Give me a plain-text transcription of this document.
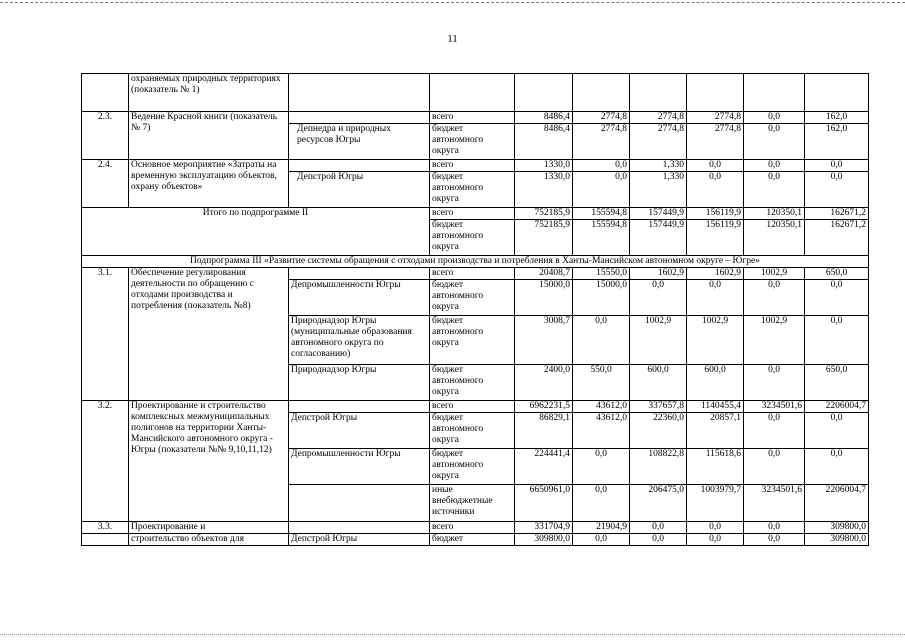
11
	охраняемых природных территориях (показатель № 1)								
2.3.	Ведение Красной книги (показатель № 7)		всего	8486,4	2774,8	2774,8	2774,8	0,0	162,0
		Депнедра и природных ресурсов Югры	бюджет автономного округа	8486,4	2774,8	2774,8	2774,8	0,0	162,0
2.4.	Основное мероприятие «Затраты на временную эксплуатацию объектов, охрану объектов»		всего	1330,0	0,0	1,330	0,0	0,0	0,0
		Депстрой Югры	бюджет автономного округа	1330,0	0,0	1,330	0,0	0,0	0,0
Итого по подпрограмме II			всего	752185,9	155594,8	157449,9	156119,9	120350,1	162671,2
			бюджет автономного округа	752185,9	155594,8	157449,9	156119,9	120350,1	162671,2
Подпрограмма III «Развитие системы обращения с отходами производства и потребления в Ханты-Мансийском автономном округе – Югре»									
3.1.	Обеспечение регулирования деятельности по обращению с отходами производства и потребления (показатель №8)		всего	20408,7	15550,0	1602,9	1602,9	1002,9	650,0
		Депромышленности Югры	бюджет автономного округа	15000,0	15000,0	0,0	0,0	0,0	0,0
		Природнадзор Югры (муниципальные образования автономного округа по согласованию)	бюджет автономного округа	3008,7	0,0	1002,9	1002,9	1002,9	0,0
		Природнадзор Югры	бюджет автономного округа	2400,0	550,0	600,0	600,0	0,0	650,0
3.2.	Проектирование и строительство комплексных межмуниципальных полигонов на территории Ханты-Мансийского автономного округа - Югры (показатели №№ 9,10,11,12)		всего	6962231,5	43612,0	337657,8	1140455,4	3234501,6	2206004,7
		Депстрой Югры	бюджет автономного округа	86829,1	43612,0	22360,0	20857,1	0,0	0,0
		Депромышленности Югры	бюджет автономного округа	224441,4	0,0	108822,8	115618,6	0,0	0,0
			иные внебюджетные источники	6650961,0	0,0	206475,0	1003979,7	3234501,6	2206004,7
3.3.	Проектирование и		всего	331704,9	21904,9	0,0	0,0	0,0	309800,0
	строительство объектов для	Депстрой Югры	бюджет	309800,0	0,0	0,0	0,0	0,0	309800,0
